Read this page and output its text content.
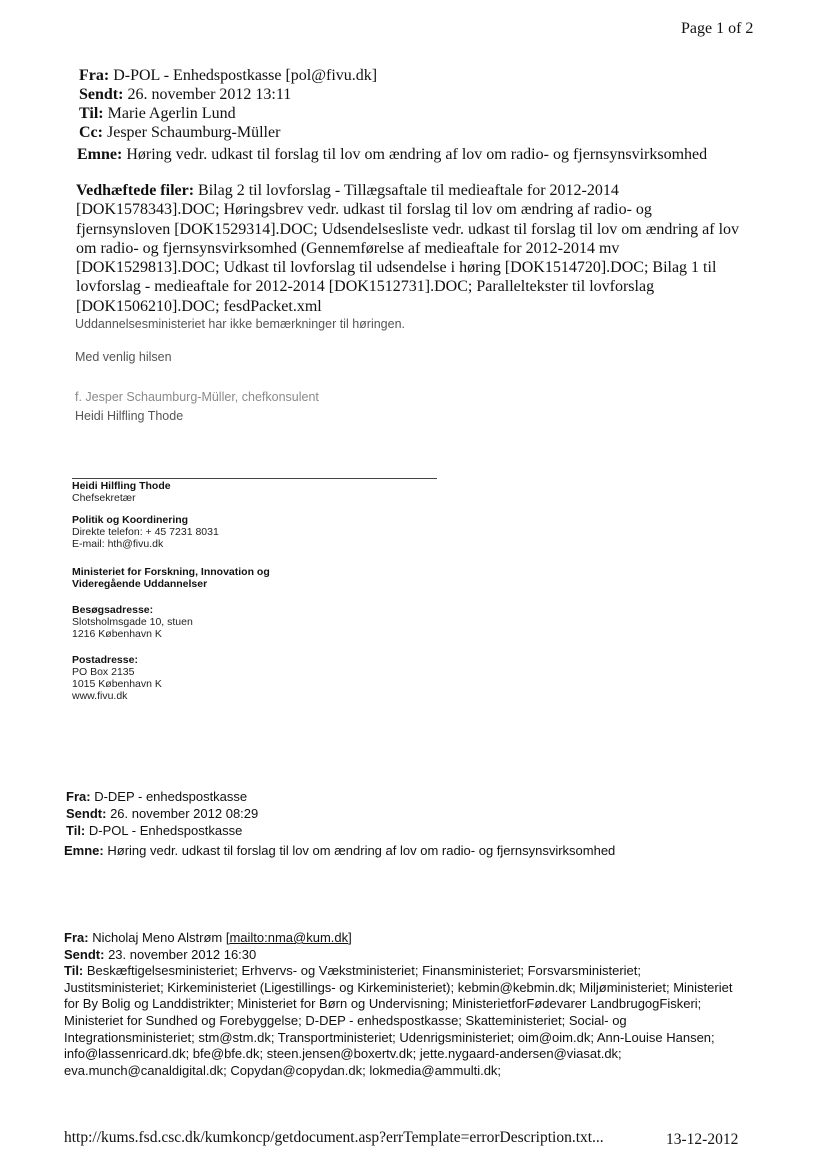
Page 1 of 2
Fra: D-POL - Enhedspostkasse [pol@fivu.dk]
Sendt: 26. november 2012 13:11
Til: Marie Agerlin Lund
Cc: Jesper Schaumburg-Müller
Emne: Høring vedr. udkast til forslag til lov om ændring af lov om radio- og fjernsynsvirksomhed
Vedhæftede filer: Bilag 2 til lovforslag - Tillægsaftale til medieaftale for 2012-2014 [DOK1578343].DOC; Høringsbrev vedr. udkast til forslag til lov om ændring af radio- og fjernsynsloven [DOK1529314].DOC; Udsendelsesliste vedr. udkast til forslag til lov om ændring af lov om radio- og fjernsynsvirksomhed (Gennemførelse af medieaftale for 2012-2014 mv [DOK1529813].DOC; Udkast til lovforslag til udsendelse i høring [DOK1514720].DOC; Bilag 1 til lovforslag - medieaftale for 2012-2014 [DOK1512731].DOC; Paralleltekster til lovforslag [DOK1506210].DOC; fesdPacket.xml
Uddannelsesministeriet har ikke bemærkninger til høringen.
Med venlig hilsen
f. Jesper Schaumburg-Müller, chefkonsulent
Heidi Hilfling Thode
Heidi Hilfling Thode
Chefsekretær
Politik og Koordinering
Direkte telefon: + 45 7231 8031
E-mail: hth@fivu.dk
Ministeriet for Forskning, Innovation og
Videregående Uddannelser
Besøgsadresse:
Slotsholmsgade 10, stuen
1216 København K
Postadresse:
PO Box 2135
1015 København K
www.fivu.dk
Fra: D-DEP - enhedspostkasse
Sendt: 26. november 2012 08:29
Til: D-POL - Enhedspostkasse
Emne: Høring vedr. udkast til forslag til lov om ændring af lov om radio- og fjernsynsvirksomhed
Fra: Nicholaj Meno Alstrøm [mailto:nma@kum.dk]
Sendt: 23. november 2012 16:30
Til: Beskæftigelsesministeriet; Erhvervs- og Vækstministeriet; Finansministeriet; Forsvarsministeriet; Justitsministeriet; Kirkeministeriet (Ligestillings- og Kirkeministeriet); kebmin@kebmin.dk; Miljøministeriet; Ministeriet for By Bolig og Landdistrikter; Ministeriet for Børn og Undervisning; MinisterietforFødevarer LandbrugogFiskeri; Ministeriet for Sundhed og Forebyggelse; D-DEP - enhedspostkasse; Skatteministeriet; Social- og Integrationsministeriet; stm@stm.dk; Transportministeriet; Udenrigsministeriet; oim@oim.dk; Ann-Louise Hansen; info@lassenricard.dk; bfe@bfe.dk; steen.jensen@boxertv.dk; jette.nygaard-andersen@viasat.dk; eva.munch@canaldigital.dk; Copydan@copydan.dk; lokmedia@ammulti.dk;
http://kums.fsd.csc.dk/kumkoncp/getdocument.asp?errTemplate=errorDescription.txt...	13-12-2012
